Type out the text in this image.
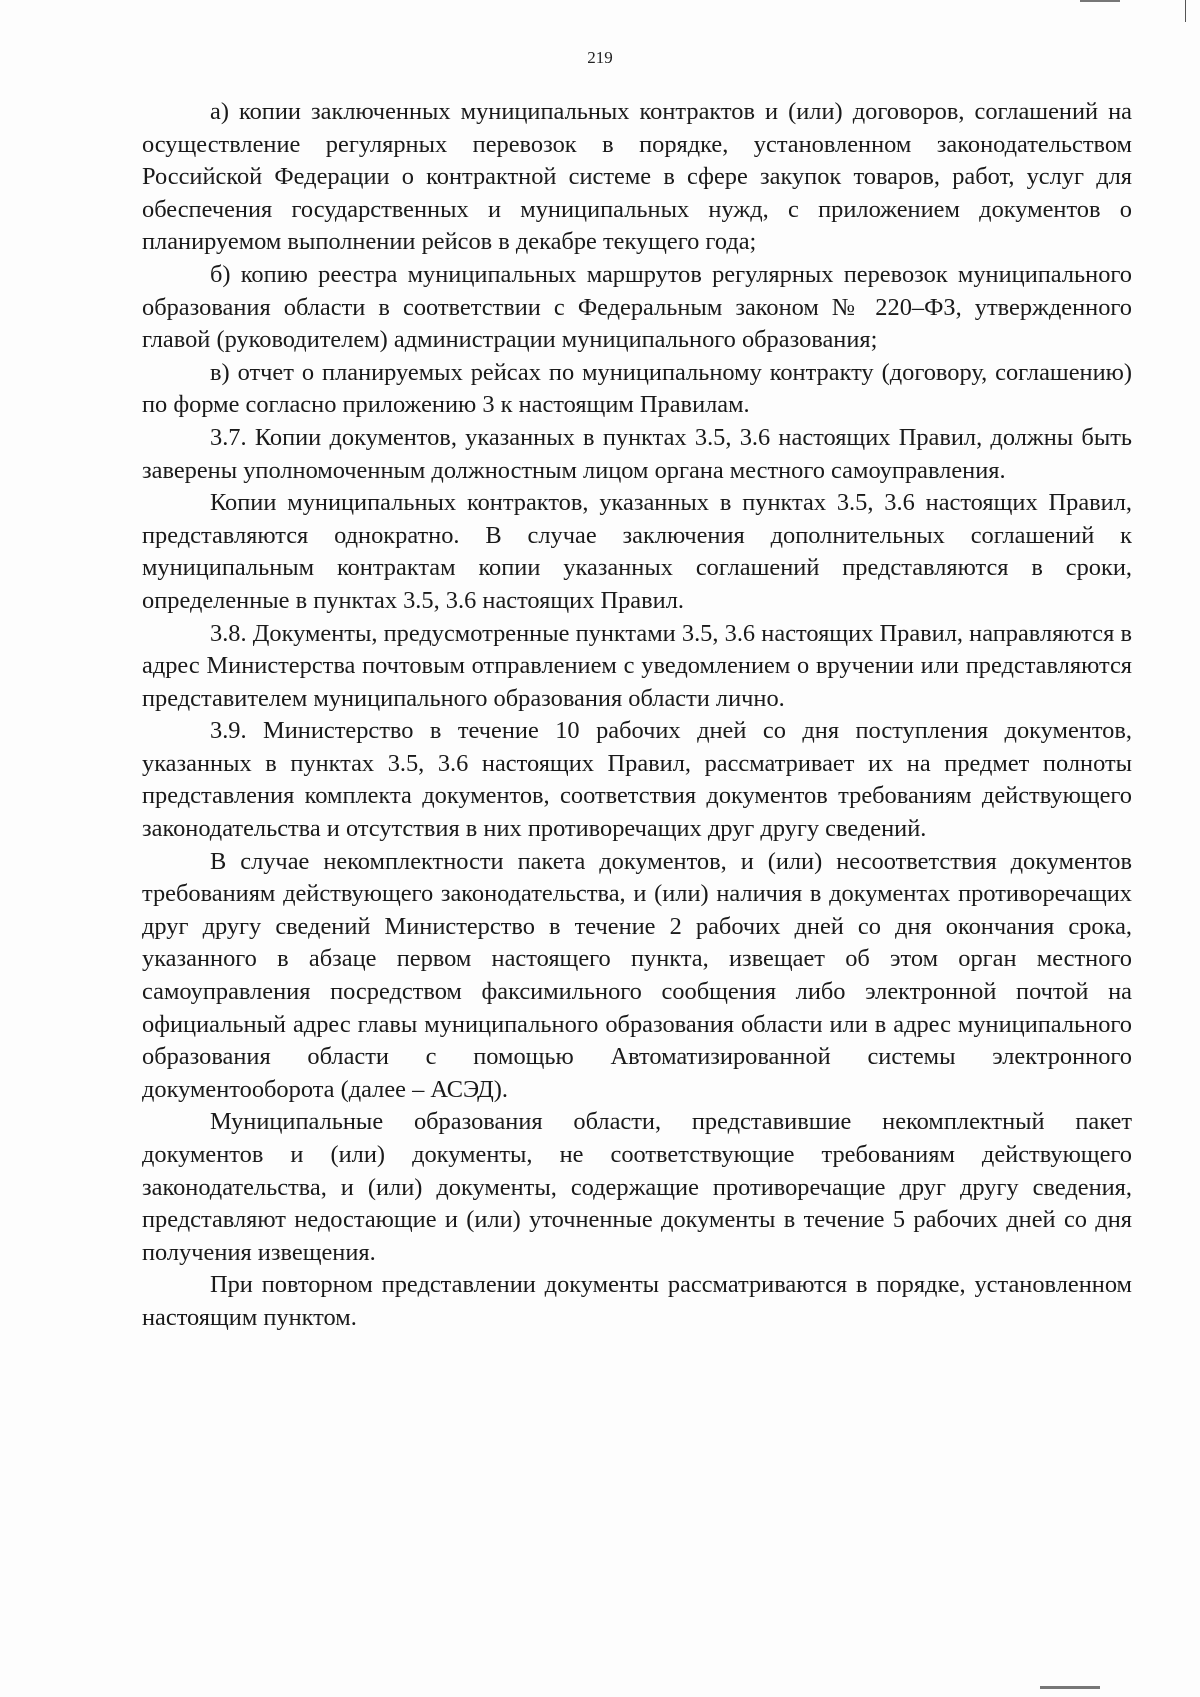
219

а) копии заключенных муниципальных контрактов и (или) договоров, соглашений на осуществление регулярных перевозок в порядке, установленном законодательством Российской Федерации о контрактной системе в сфере закупок товаров, работ, услуг для обеспечения государственных и муниципальных нужд, с приложением документов о планируемом выполнении рейсов в декабре текущего года;

б) копию реестра муниципальных маршрутов регулярных перевозок муниципального образования области в соответствии с Федеральным законом № 220–ФЗ, утвержденного главой (руководителем) администрации муниципального образования;

в) отчет о планируемых рейсах по муниципальному контракту (договору, соглашению) по форме согласно приложению 3 к настоящим Правилам.

3.7. Копии документов, указанных в пунктах 3.5, 3.6 настоящих Правил, должны быть заверены уполномоченным должностным лицом органа местного самоуправления.

Копии муниципальных контрактов, указанных в пунктах 3.5, 3.6 настоящих Правил, представляются однократно. В случае заключения дополнительных соглашений к муниципальным контрактам копии указанных соглашений представляются в сроки, определенные в пунктах 3.5, 3.6 настоящих Правил.

3.8. Документы, предусмотренные пунктами 3.5, 3.6 настоящих Правил, направляются в адрес Министерства почтовым отправлением с уведомлением о вручении или представляются представителем муниципального образования области лично.

3.9. Министерство в течение 10 рабочих дней со дня поступления документов, указанных в пунктах 3.5, 3.6 настоящих Правил, рассматривает их на предмет полноты представления комплекта документов, соответствия документов требованиям действующего законодательства и отсутствия в них противоречащих друг другу сведений.

В случае некомплектности пакета документов, и (или) несоответствия документов требованиям действующего законодательства, и (или) наличия в документах противоречащих друг другу сведений Министерство в течение 2 рабочих дней со дня окончания срока, указанного в абзаце первом настоящего пункта, извещает об этом орган местного самоуправления посредством факсимильного сообщения либо электронной почтой на официальный адрес главы муниципального образования области или в адрес муниципального образования области с помощью Автоматизированной системы электронного документооборота (далее – АСЭД).

Муниципальные образования области, представившие некомплектный пакет документов и (или) документы, не соответствующие требованиям действующего законодательства, и (или) документы, содержащие противоречащие друг другу сведения, представляют недостающие и (или) уточненные документы в течение 5 рабочих дней со дня получения извещения.

При повторном представлении документы рассматриваются в порядке, установленном настоящим пунктом.
